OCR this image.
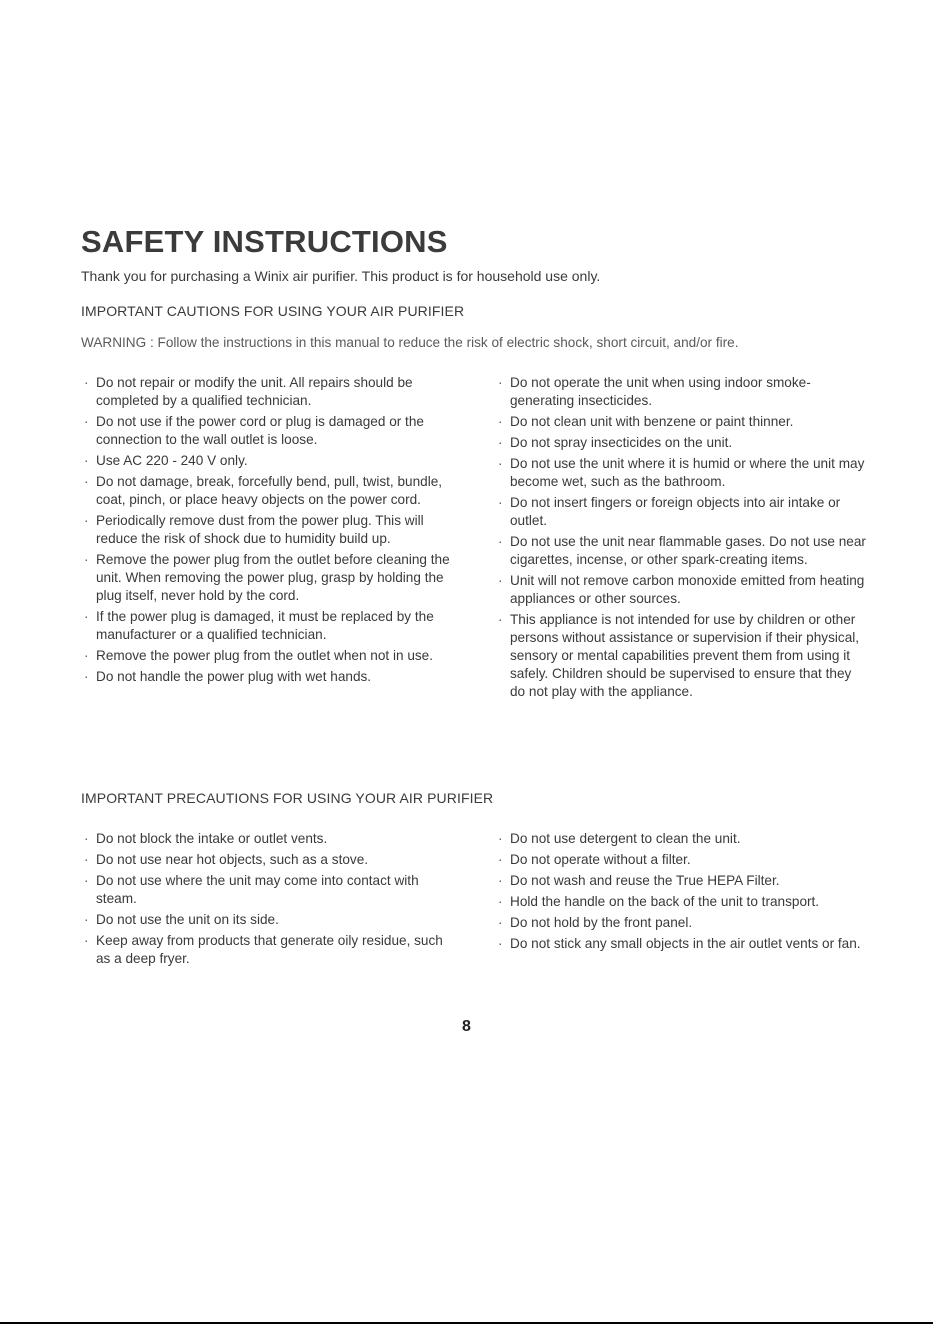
SAFETY INSTRUCTIONS
Thank you for purchasing a Winix air purifier. This product is for household use only.
IMPORTANT CAUTIONS FOR USING YOUR AIR PURIFIER
WARNING : Follow the instructions in this manual to reduce the risk of electric shock, short circuit, and/or fire.
· Do not repair or modify the unit. All repairs should be completed by a qualified technician.
· Do not use if the power cord or plug is damaged or the connection to the wall outlet is loose.
· Use AC 220 - 240 V only.
· Do not damage, break, forcefully bend, pull, twist, bundle, coat, pinch, or place heavy objects on the power cord.
· Periodically remove dust from the power plug. This will reduce the risk of shock due to humidity build up.
· Remove the power plug from the outlet before cleaning the unit. When removing the power plug, grasp by holding the plug itself, never hold by the cord.
· If the power plug is damaged, it must be replaced by the manufacturer or a qualified technician.
· Remove the power plug from the outlet when not in use.
· Do not handle the power plug with wet hands.
· Do not operate the unit when using indoor smoke-generating insecticides.
· Do not clean unit with benzene or paint thinner.
· Do not spray insecticides on the unit.
· Do not use the unit where it is humid or where the unit may become wet, such as the bathroom.
· Do not insert fingers or foreign objects into air intake or outlet.
· Do not use the unit near flammable gases. Do not use near cigarettes, incense, or other spark-creating items.
· Unit will not remove carbon monoxide emitted from heating appliances or other sources.
· This appliance is not intended for use by children or other persons without assistance or supervision if their physical, sensory or mental capabilities prevent them from using it safely. Children should be supervised to ensure that they do not play with the appliance.
IMPORTANT PRECAUTIONS FOR USING YOUR AIR PURIFIER
· Do not block the intake or outlet vents.
· Do not use near hot objects, such as a stove.
· Do not use where the unit may come into contact with steam.
· Do not use the unit on its side.
· Keep away from products that generate oily residue, such as a deep fryer.
· Do not use detergent to clean the unit.
· Do not operate without a filter.
· Do not wash and reuse the True HEPA Filter.
· Hold the handle on the back of the unit to transport.
· Do not hold by the front panel.
· Do not stick any small objects in the air outlet vents or fan.
8
